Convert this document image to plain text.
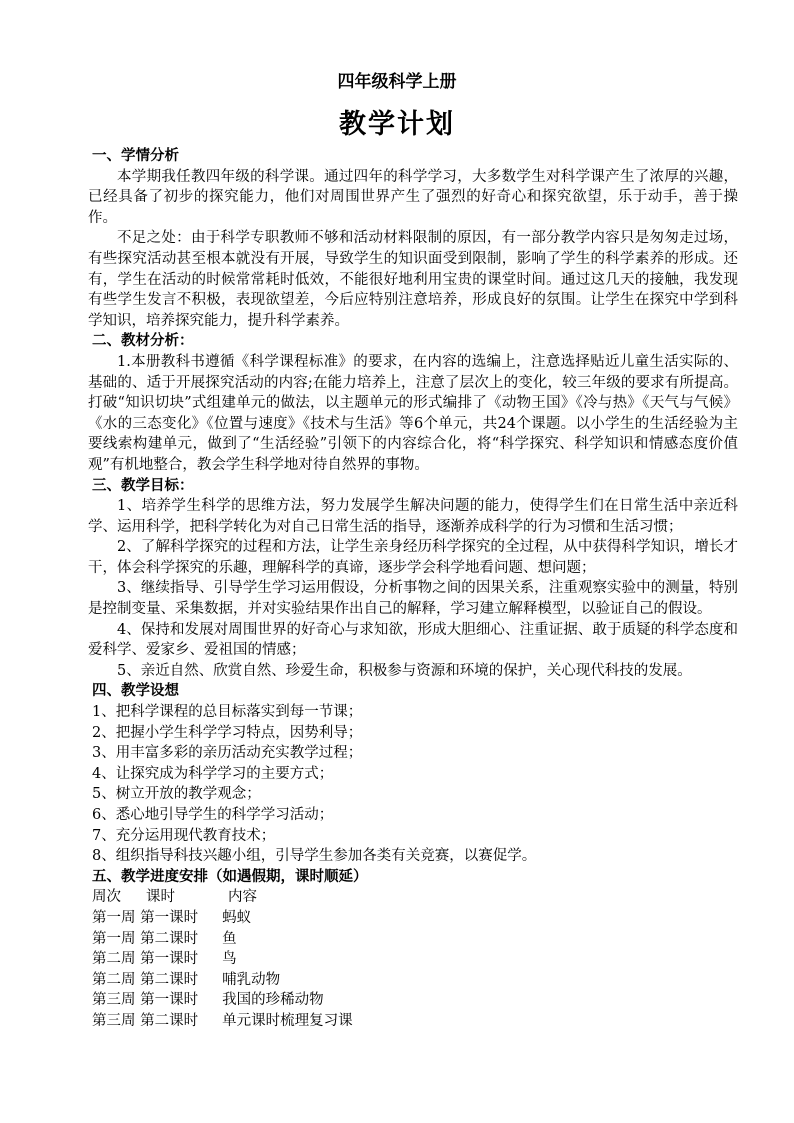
四年级科学上册
教学计划
一、学情分析

本学期我任教四年级的科学课。通过四年的科学学习，大多数学生对科学课产生了浓厚的兴趣，已经具备了初步的探究能力，他们对周围世界产生了强烈的好奇心和探究欲望，乐于动手，善于操作。

不足之处：由于科学专职教师不够和活动材料限制的原因，有一部分教学内容只是匆匆走过场，有些探究活动甚至根本就没有开展，导致学生的知识面受到限制，影响了学生的科学素养的形成。还有，学生在活动的时候常常耗时低效，不能很好地利用宝贵的课堂时间。通过这几天的接触，我发现有些学生发言不积极，表现欲望差，今后应特别注意培养，形成良好的氛围。让学生在探究中学到科学知识，培养探究能力，提升科学素养。

二、教材分析：

1.本册教科书遵循《科学课程标准》的要求，在内容的选编上，注意选择贴近儿童生活实际的、基础的、适于开展探究活动的内容;在能力培养上，注意了层次上的变化，较三年级的要求有所提高。打破“知识切块”式组建单元的做法，以主题单元的形式编排了《动物王国》《冷与热》《天气与气候》《水的三态变化》《位置与速度》《技术与生活》等6个单元，共24个课题。以小学生的生活经验为主要线索构建单元，做到了“生活经验”引领下的内容综合化，将“科学探究、科学知识和情感态度价值观”有机地整合，教会学生科学地对待自然界的事物。

三、教学目标：

1、培养学生科学的思维方法，努力发展学生解决问题的能力，使得学生们在日常生活中亲近科学、运用科学，把科学转化为对自己日常生活的指导，逐渐养成科学的行为习惯和生活习惯；

2、了解科学探究的过程和方法，让学生亲身经历科学探究的全过程，从中获得科学知识，增长才干，体会科学探究的乐趣，理解科学的真谛，逐步学会科学地看问题、想问题；

3、继续指导、引导学生学习运用假设，分析事物之间的因果关系，注重观察实验中的测量，特别是控制变量、采集数据，并对实验结果作出自己的解释，学习建立解释模型，以验证自己的假设。

4、保持和发展对周围世界的好奇心与求知欲，形成大胆细心、注重证据、敢于质疑的科学态度和爱科学、爱家乡、爱祖国的情感；

5、亲近自然、欣赏自然、珍爱生命，积极参与资源和环境的保护，关心现代科技的发展。

四、教学设想
1、把科学课程的总目标落实到每一节课；
2、把握小学生科学学习特点，因势利导；
3、用丰富多彩的亲历活动充实教学过程；
4、让探究成为科学学习的主要方式；
5、树立开放的教学观念；
6、悉心地引导学生的科学学习活动；
7、充分运用现代教育技术；
8、组织指导科技兴趣小组，引导学生参加各类有关竞赛，以赛促学。
五、教学进度安排（如遇假期，课时顺延）
周次 课时	内容
第一周 第一课时 蚂蚁
第一周 第二课时 鱼
第二周 第一课时 鸟
第二周 第二课时 哺乳动物
第三周 第一课时 我国的珍稀动物
第三周 第二课时 单元课时梳理复习课
